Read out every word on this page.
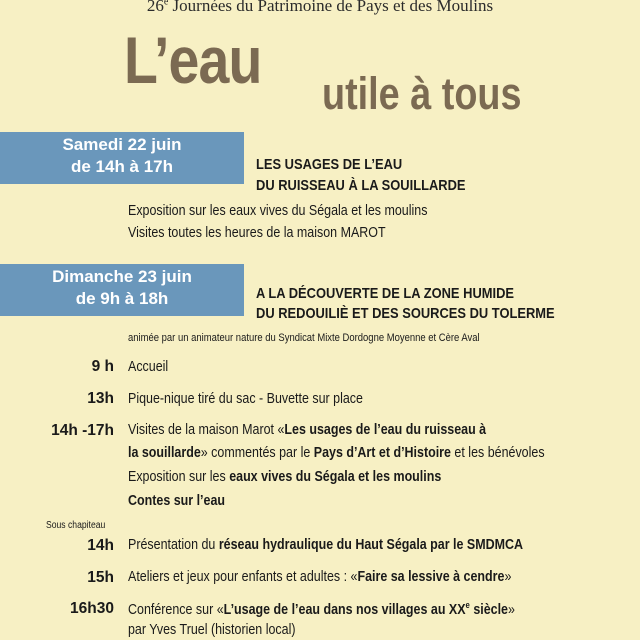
26e Journées du Patrimoine de Pays et des Moulins
L’eau utile à tous
Samedi 22 juin
de 14h à 17h	LES USAGES DE L’EAU
DU RUISSEAU À LA SOUILLARDE
Exposition sur les eaux vives du Ségala et les moulins
Visites toutes les heures de la maison MAROT
Dimanche 23 juin
de 9h à 18h	A LA DÉCOUVERTE DE LA ZONE HUMIDE
DU REDOUILIÈ ET DES SOURCES DU TOLERME
animée par un animateur nature du Syndicat Mixte Dordogne Moyenne et Cère Aval
9 h Accueil
13h Pique-nique tiré du sac - Buvette sur place
14h -17h Visites de la maison Marot «Les usages de l’eau du ruisseau à
la souillarde» commentés par le Pays d’Art et d’Histoire et les bénévoles
Exposition sur les eaux vives du Ségala et les moulins
Contes sur l’eau
Sous chapiteau
14h Présentation du réseau hydraulique du Haut Ségala par le SMDMCA
15h Ateliers et jeux pour enfants et adultes : «Faire sa lessive à cendre»
16h30 Conférence sur «L’usage de l’eau dans nos villages au XXe siècle»
par Yves Truel (historien local)
